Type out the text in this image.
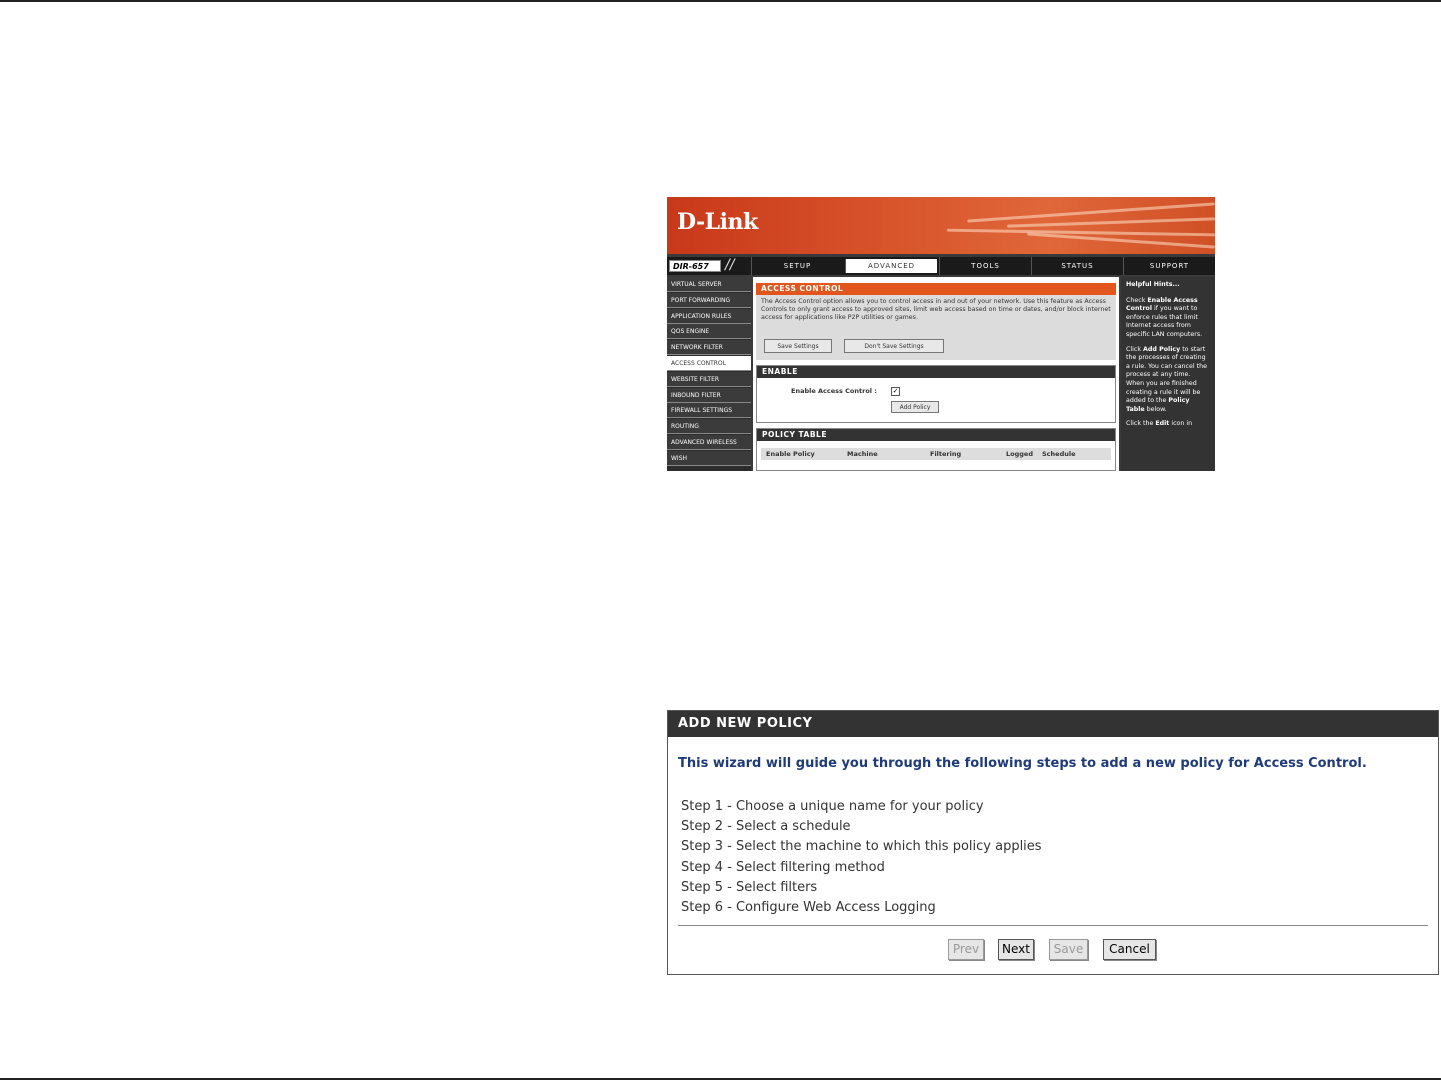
D-Link
DIR-657	//	SETUP	ADVANCED	TOOLS	STATUS	SUPPORT
VIRTUAL SERVER
PORT FORWARDING
APPLICATION RULES
QOS ENGINE
NETWORK FILTER
ACCESS CONTROL
WEBSITE FILTER
INBOUND FILTER
FIREWALL SETTINGS
ROUTING
ADVANCED WIRELESS
WISH
ACCESS CONTROL
The Access Control option allows you to control access in and out of your network. Use this feature as Access Controls to only grant access to approved sites, limit web access based on time or dates, and/or block internet access for applications like P2P utilities or games.
Save Settings	Don't Save Settings
ENABLE
Enable Access Control : ✓
Add Policy
POLICY TABLE
Enable Policy	Machine	Filtering	Logged Schedule
Helpful Hints...

Check Enable Access Control if you want to enforce rules that limit Internet access from specific LAN computers.

Click Add Policy to start the processes of creating a rule. You can cancel the process at any time. When you are finished creating a rule it will be added to the Policy Table below.

Click the Edit icon in

ADD NEW POLICY
This wizard will guide you through the following steps to add a new policy for Access Control.
Step 1 - Choose a unique name for your policy
Step 2 - Select a schedule
Step 3 - Select the machine to which this policy applies
Step 4 - Select filtering method
Step 5 - Select filters
Step 6 - Configure Web Access Logging
Prev	Next	Save	Cancel
